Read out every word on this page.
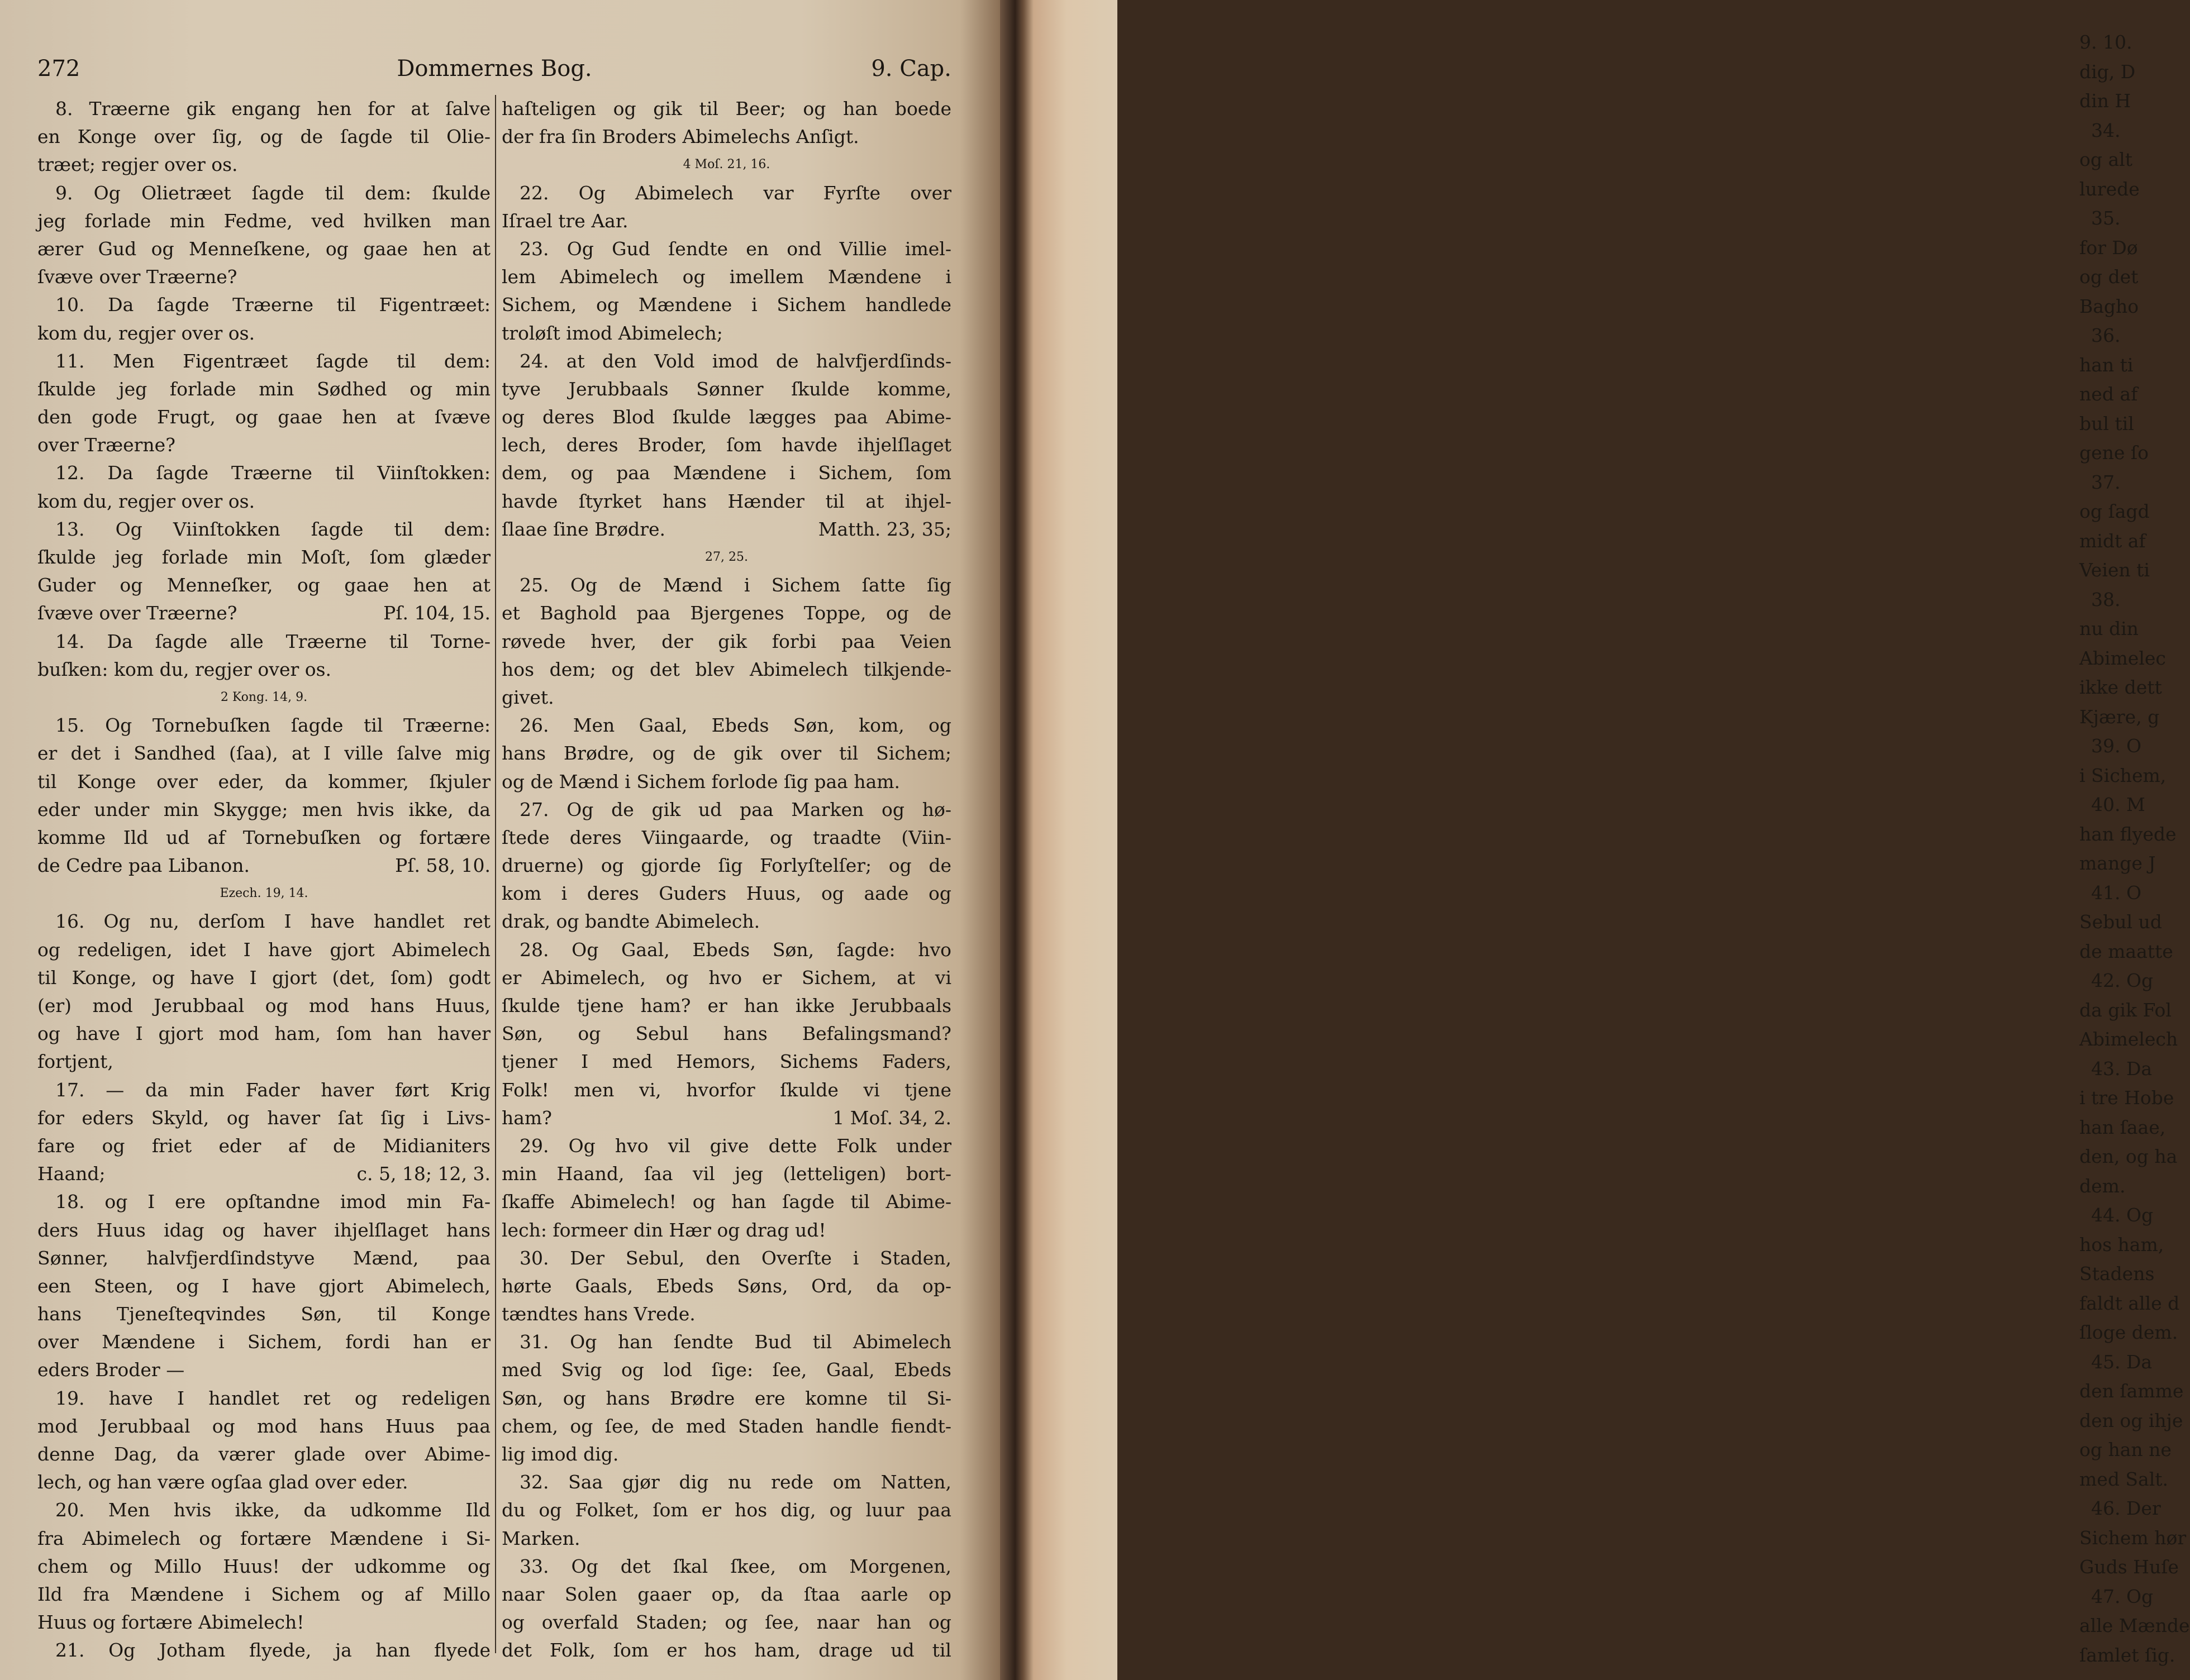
272	Dommernes Bog.	9. Cap.
8. Træerne gik engang hen for at ſalve
en Konge over ſig, og de ſagde til Olie-
træet; regjer over os.
9. Og Olietræet ſagde til dem: ſkulde
jeg forlade min Fedme, ved hvilken man
ærer Gud og Menneſkene, og gaae hen at
ſvæve over Træerne?
10. Da ſagde Træerne til Figentræet:
kom du, regjer over os.
11. Men Figentræet ſagde til dem:
ſkulde jeg forlade min Sødhed og min
den gode Frugt, og gaae hen at ſvæve
over Træerne?
12. Da ſagde Træerne til Viinſtokken:
kom du, regjer over os.
13. Og Viinſtokken ſagde til dem:
ſkulde jeg forlade min Moſt, ſom glæder
Guder og Menneſker, og gaae hen at
ſvæve over Træerne?	Pſ. 104, 15.
14. Da ſagde alle Træerne til Torne-
buſken: kom du, regjer over os.
2 Kong. 14, 9.
15. Og Tornebuſken ſagde til Træerne:
er det i Sandhed (ſaa), at I ville ſalve mig
til Konge over eder, da kommer, ſkjuler
eder under min Skygge; men hvis ikke, da
komme Ild ud af Tornebuſken og fortære
de Cedre paa Libanon.	Pſ. 58, 10.
Ezech. 19, 14.
16. Og nu, derſom I have handlet ret
og redeligen, idet I have gjort Abimelech
til Konge, og have I gjort (det, ſom) godt
(er) mod Jerubbaal og mod hans Huus,
og have I gjort mod ham, ſom han haver
fortjent,
17. — da min Fader haver ført Krig
for eders Skyld, og haver ſat ſig i Livs-
fare og friet eder af de Midianiters
Haand;	c. 5, 18; 12, 3.
18. og I ere opſtandne imod min Fa-
ders Huus idag og haver ihjelſlaget hans
Sønner, halvfjerdſindstyve Mænd, paa
een Steen, og I have gjort Abimelech,
hans Tjeneſteqvindes Søn, til Konge
over Mændene i Sichem, fordi han er
eders Broder —
19. have I handlet ret og redeligen
mod Jerubbaal og mod hans Huus paa
denne Dag, da værer glade over Abime-
lech, og han være ogſaa glad over eder.
20. Men hvis ikke, da udkomme Ild
fra Abimelech og fortære Mændene i Si-
chem og Millo Huus! der udkomme og
Ild fra Mændene i Sichem og af Millo
Huus og fortære Abimelech!
21. Og Jotham flyede, ja han flyede
haſteligen og gik til Beer; og han boede
der fra ſin Broders Abimelechs Anſigt.
4 Moſ. 21, 16.
22. Og Abimelech var Fyrſte over
Iſrael tre Aar.
23. Og Gud ſendte en ond Villie imel-
lem Abimelech og imellem Mændene i
Sichem, og Mændene i Sichem handlede
troløſt imod Abimelech;
24. at den Vold imod de halvfjerdſinds-
tyve Jerubbaals Sønner ſkulde komme,
og deres Blod ſkulde lægges paa Abime-
lech, deres Broder, ſom havde ihjelſlaget
dem, og paa Mændene i Sichem, ſom
havde ſtyrket hans Hænder til at ihjel-
ſlaae ſine Brødre.	Matth. 23, 35;
27, 25.
25. Og de Mænd i Sichem ſatte ſig
et Baghold paa Bjergenes Toppe, og de
røvede hver, der gik forbi paa Veien
hos dem; og det blev Abimelech tilkjende-
givet.
26. Men Gaal, Ebeds Søn, kom, og
hans Brødre, og de gik over til Sichem;
og de Mænd i Sichem forlode ſig paa ham.
27. Og de gik ud paa Marken og hø-
ſtede deres Viingaarde, og traadte (Viin-
druerne) og gjorde ſig Forlyſtelſer; og de
kom i deres Guders Huus, og aade og
drak, og bandte Abimelech.
28. Og Gaal, Ebeds Søn, ſagde: hvo
er Abimelech, og hvo er Sichem, at vi
ſkulde tjene ham? er han ikke Jerubbaals
Søn, og Sebul hans Befalingsmand?
tjener I med Hemors, Sichems Faders,
Folk! men vi, hvorfor ſkulde vi tjene
ham?	1 Moſ. 34, 2.
29. Og hvo vil give dette Folk under
min Haand, ſaa vil jeg (letteligen) bort-
ſkaffe Abimelech! og han ſagde til Abime-
lech: formeer din Hær og drag ud!
30. Der Sebul, den Overſte i Staden,
hørte Gaals, Ebeds Søns, Ord, da op-
tændtes hans Vrede.
31. Og han ſendte Bud til Abimelech
med Svig og lod ſige: ſee, Gaal, Ebeds
Søn, og hans Brødre ere komne til Si-
chem, og ſee, de med Staden handle fiendt-
lig imod dig.
32. Saa gjør dig nu rede om Natten,
du og Folket, ſom er hos dig, og luur paa
Marken.
33. Og det ſkal ſkee, om Morgenen,
naar Solen gaaer op, da ſtaa aarle op
og overfald Staden; og ſee, naar han og
det Folk, ſom er hos ham, drage ud til
9. 10.
dig, D
din H
34.
og alt
lurede
35.
for Dø
og det
Bagho
36.
han ti
ned af
bul til
gene ſo
37.
og ſagd
midt af
Veien ti
38.
nu din
Abimelec
ikke dett
Kjære, g
39. O
i Sichem,
40. M
han flyede
mange J
41. O
Sebul ud
de maatte
42. Og
da gik Fol
Abimelech
43. Da
i tre Hobe
han ſaae,
den, og ha
dem.
44. Og
hos ham,
Stadens
faldt alle d
ſloge dem.
45. Da
den ſamme
den og ihje
og han ne
med Salt.
46. Der
Sichem hør
Guds Huſe
47. Og
alle Mænde
ſamlet ſig.
